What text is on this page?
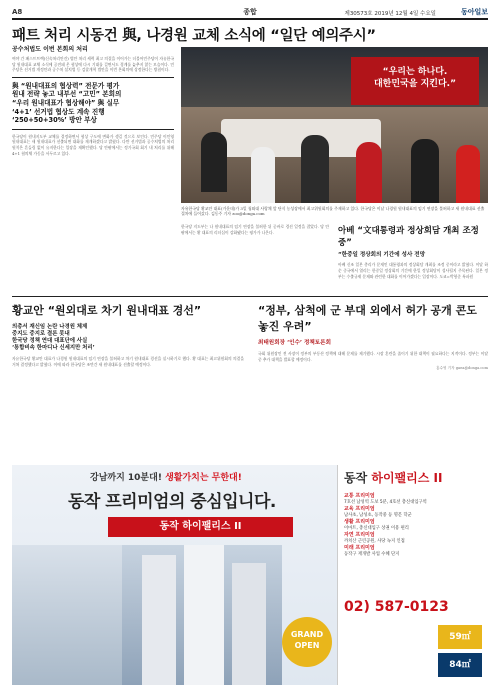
A8	종합	제30573호 2019년 12월 4일 수요일	동아일보
패트 처리 시동건 與, 나경원 교체 소식에 “일단 예의주시”
공수처법도 이번 본회의 처리
여야 간 패스트트랙(신속처리안건) 법안 처리 세력 최고 의결을 이어가는 더불어민주당이 자유한국당 원내대표 교체 소식에 공전돼 온 협상에 다시 기대를 걸면서도 경계를 늦추지 않는 모습이다. 민주당은 선거법 개정안과 공수처 설치법 등 검찰개혁 법안을 이번 본회의에 상정한다는 방침이다.
與 “원내대표의 협상력” 전문가 평가
원내 전략 놓고 내부선 “고민” 본회의
“우리 원내대표가 협상해야” 與 실무
‘4+1’ 선거법 협상도 계속 진행
‘250+50+30%’ 방안 부상
한국당이 원내지도부 교체를 결정하면서 협상 구도에 변화가 생길 것으로 보인다. 민주당 이인영 원내대표는 새 원내대표가 선출되면 대화를 재개하겠다고 밝혔다. 다만 선거법과 공수처법의 처리 원칙은 흔들림 없이 유지한다는 입장을 재확인했다. 당 안팎에서는 정기국회 회기 내 처리를 위해 4+1 협의체 가동을 서두르고 있다.
“우리는 하나다.
대한민국을 지킨다.”
자유한국당 황교안 대표(가운데)가 3일 청와대 사랑채 앞 단식 농성장에서 최고위원회의를 주재하고 있다. 한국당은 이날 나경원 원내대표의 임기 연장을 불허하고 새 원내대표 선출 절차에 들어갔다. 김동주 기자 zoo@donga.com
한국당 지도부는 나 원내대표의 임기 연장을 불허한 뒤 곧바로 경선 일정을 잡았다. 당 안팎에서는 황 대표의 리더십이 강화됐다는 평가가 나온다.	아베 “文대통령과 정상회담 개최 조정중”
“한중일 정상회의 기간에 성사 전망
아베 신조 일본 총리가 문재인 대통령과의 정상회담 개최를 조정 중이라고 밝혔다. 이달 하순 중국에서 열리는 한중일 정상회의 기간에 한일 정상회담이 성사될지 주목된다. 일본 정부는 수출규제 문제와 관련한 대화를 이어가겠다는 입장이다. 도쿄=박형준 특파원
황교안 “원외대로 차기 원내대표 경선”
의총서 재신임 논란 나경원 체제
중지도 중지로 결론 못내
한국당 정책 연대 대표단에 사실
‘통합비속 한마디나 신세지만 처리’
자유한국당 황교안 대표가 나경원 원내대표의 임기 연장을 불허하고 차기 원내대표 경선을 실시하기로 했다. 황 대표는 최고위원회의 의결을 거쳐 결정했다고 밝혔다. 이에 따라 한국당은 조만간 새 원내대표를 선출할 예정이다.
“정부, 삼척에 군 부대 외에서 허가 공개 콘도 놓진 우려”
최태원회장 ‘인수’ 정책토론회
국회 위원장인 전 사장이 정부의 부동산 정책에 대해 문제를 제기했다. 시장 혼란을 줄이기 위한 대책이 필요하다는 지적이다. 정부는 이달 중 추가 대책을 발표할 예정이다.
홍수영 기자 gaea@donga.com
강남까지 10분대! 생활가치는 무한대!
동작 프리미엄의 중심입니다.
동작 하이팰리스 II
GRAND OPEN
동작 하이팰리스 II
교통 프리미엄
7호선 남성역 도보 5분, 4호선 총신대입구역
교육 프리미엄
남사초, 남성초, 동작중 등 명문 학군
생활 프리미엄
이마트, 총신대입구 상권 이용 편리
자연 프리미엄
까치산 근린공원, 사당 녹지 인접
미래 프리미엄
동작구 재개발 사업 수혜 단지
02) 587-0123
59㎡
84㎡
